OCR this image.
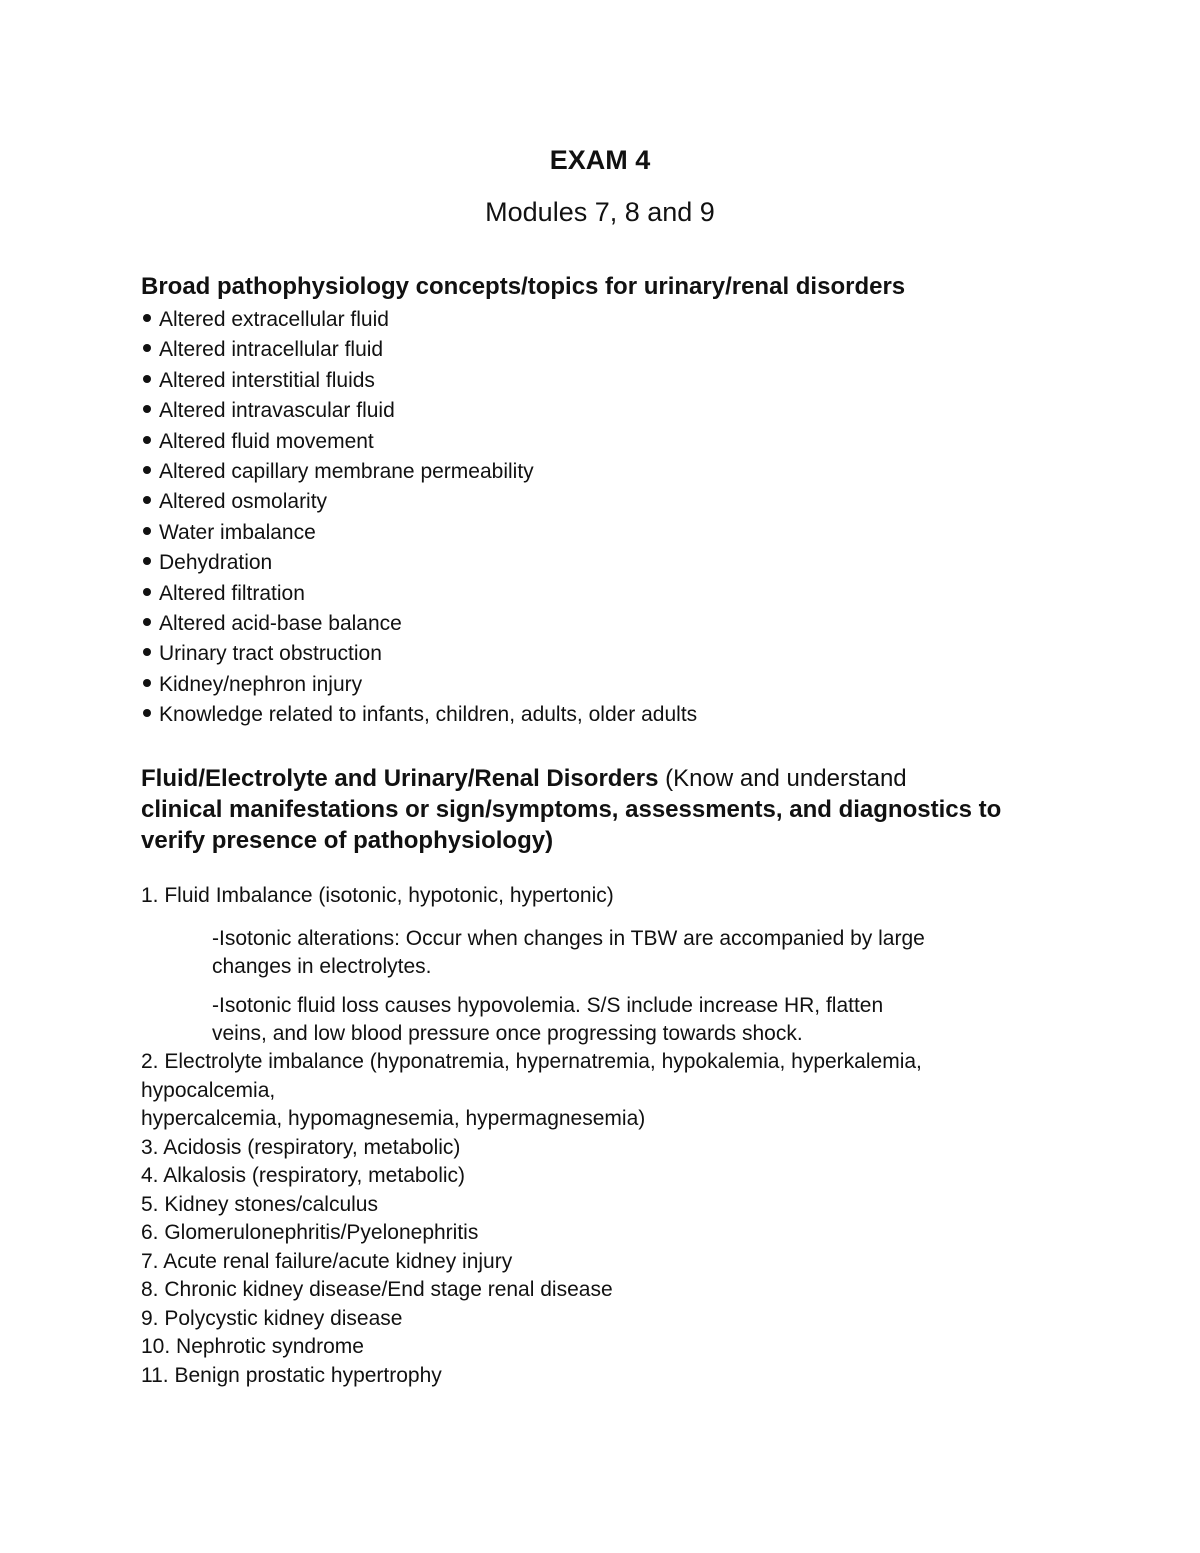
EXAM 4
Modules 7, 8 and 9
Broad pathophysiology concepts/topics for urinary/renal disorders
Altered extracellular fluid
Altered intracellular fluid
Altered interstitial fluids
Altered intravascular fluid
Altered fluid movement
Altered capillary membrane permeability
Altered osmolarity
Water imbalance
Dehydration
Altered filtration
Altered acid-base balance
Urinary tract obstruction
Kidney/nephron injury
Knowledge related to infants, children, adults, older adults
Fluid/Electrolyte and Urinary/Renal Disorders (Know and understand
clinical manifestations or sign/symptoms, assessments, and diagnostics to
verify presence of pathophysiology)
1. Fluid Imbalance (isotonic, hypotonic, hypertonic)
-Isotonic alterations: Occur when changes in TBW are accompanied by large
changes in electrolytes.
-Isotonic fluid loss causes hypovolemia. S/S include increase HR, flatten
veins, and low blood pressure once progressing towards shock.
2. Electrolyte imbalance (hyponatremia, hypernatremia, hypokalemia, hyperkalemia,
hypocalcemia,
hypercalcemia, hypomagnesemia, hypermagnesemia)
3. Acidosis (respiratory, metabolic)
4. Alkalosis (respiratory, metabolic)
5. Kidney stones/calculus
6. Glomerulonephritis/Pyelonephritis
7. Acute renal failure/acute kidney injury
8. Chronic kidney disease/End stage renal disease
9. Polycystic kidney disease
10. Nephrotic syndrome
11. Benign prostatic hypertrophy
